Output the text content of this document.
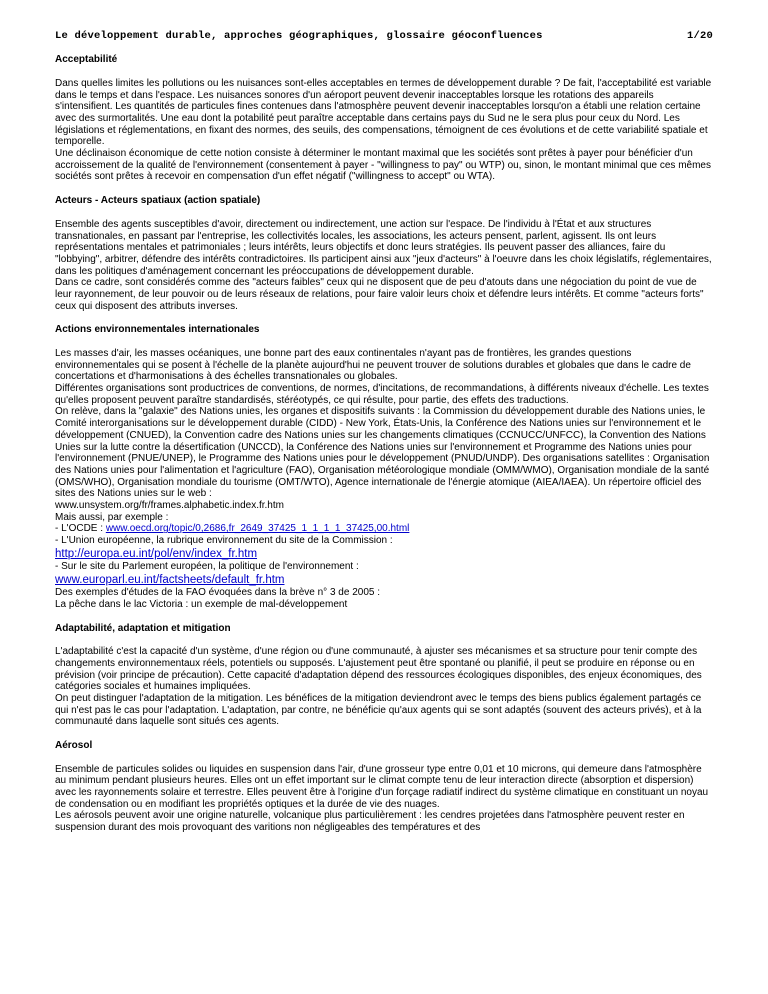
Le développement durable, approches géographiques, glossaire géoconfluences	1/20
Acceptabilité

Dans quelles limites les pollutions ou les nuisances sont-elles acceptables en termes de développement durable ? De fait, l'acceptabilité est variable dans le temps et dans l'espace. Les nuisances sonores d'un aéroport peuvent devenir inacceptables lorsque les rotations des appareils s'intensifient. Les quantités de particules fines contenues dans l'atmosphère peuvent devenir inacceptables lorsqu'on a établi une relation certaine avec des surmortalités. Une eau dont la potabilité peut paraître acceptable dans certains pays du Sud ne le sera plus pour ceux du Nord. Les législations et réglementations, en fixant des normes, des seuils, des compensations, témoignent de ces évolutions et de cette variabilité spatiale et temporelle.

Une déclinaison économique de cette notion consiste à déterminer le montant maximal que les sociétés sont prêtes à payer pour bénéficier d'un accroissement de la qualité de l'environnement (consentement à payer - "willingness to pay" ou WTP) ou, sinon, le montant minimal que ces mêmes sociétés sont prêtes à recevoir en compensation d'un effet négatif ("willingness to accept" ou WTA).

Acteurs - Acteurs spatiaux (action spatiale)

Ensemble des agents susceptibles d'avoir, directement ou indirectement, une action sur l'espace. De l'individu à l'État et aux structures transnationales, en passant par l'entreprise, les collectivités locales, les associations, les acteurs pensent, parlent, agissent. Ils ont leurs représentations mentales et patrimoniales ; leurs intérêts, leurs objectifs et donc leurs stratégies. Ils peuvent passer des alliances, faire du "lobbying", arbitrer, défendre des intérêts contradictoires. Ils participent ainsi aux "jeux d'acteurs" à l'oeuvre dans les choix législatifs, réglementaires, dans les politiques d'aménagement concernant les préoccupations de développement durable.

Dans ce cadre, sont considérés comme des "acteurs faibles" ceux qui ne disposent que de peu d'atouts dans une négociation du point de vue de leur rayonnement, de leur pouvoir ou de leurs réseaux de relations, pour faire valoir leurs choix et défendre leurs intérêts. Et comme "acteurs forts" ceux qui disposent des attributs inverses.

Actions environnementales internationales

Les masses d'air, les masses océaniques, une bonne part des eaux continentales n'ayant pas de frontières, les grandes questions environnementales qui se posent à l'échelle de la planète aujourd'hui ne peuvent trouver de solutions durables et globales que dans le cadre de concertations et d'harmonisations à des échelles transnationales ou globales.

Différentes organisations sont productrices de conventions, de normes, d'incitations, de recommandations, à différents niveaux d'échelle. Les textes qu'elles proposent peuvent paraître standardisés, stéréotypés, ce qui résulte, pour partie, des effets des traductions.

On relève, dans la "galaxie" des Nations unies, les organes et dispositifs suivants : la Commission du développement durable des Nations unies, le Comité interorganisations sur le développement durable (CIDD) - New York, États-Unis, la Conférence des Nations unies sur l'environnement et le développement (CNUED), la Convention cadre des Nations unies sur les changements climatiques (CCNUCC/UNFCC), la Convention des Nations Unies sur la lutte contre la désertification (UNCCD), la Conférence des Nations unies sur l'environnement et Programme des Nations unies pour l'environnement (PNUE/UNEP), le Programme des Nations unies pour le développement (PNUD/UNDP). Des organisations satellites : Organisation des Nations unies pour l'alimentation et l'agriculture (FAO), Organisation météorologique mondiale (OMM/WMO), Organisation mondiale de la santé (OMS/WHO), Organisation mondiale du tourisme (OMT/WTO), Agence internationale de l'énergie atomique (AIEA/IAEA). Un répertoire officiel des sites des Nations unies sur le web :

www.unsystem.org/fr/frames.alphabetic.index.fr.htm

Mais aussi, par exemple :

- L'OCDE : www.oecd.org/topic/0,2686,fr_2649_37425_1_1_1_1_37425,00.html

- L'Union européenne, la rubrique environnement du site de la Commission :

http://europa.eu.int/pol/env/index_fr.htm

- Sur le site du Parlement européen, la politique de l'environnement :

www.europarl.eu.int/factsheets/default_fr.htm

Des exemples d'études de la FAO évoquées dans la brève n° 3 de 2005 :

La pêche dans le lac Victoria : un exemple de mal-développement

Adaptabilité, adaptation et mitigation

L'adaptabilité c'est la capacité d'un système, d'une région ou d'une communauté, à ajuster ses mécanismes et sa structure pour tenir compte des changements environnementaux réels, potentiels ou supposés. L'ajustement peut être spontané ou planifié, il peut se produire en réponse ou en prévision (voir principe de précaution). Cette capacité d'adaptation dépend des ressources écologiques disponibles, des enjeux économiques, des catégories sociales et humaines impliquées.

On peut distinguer l'adaptation de la mitigation. Les bénéfices de la mitigation deviendront avec le temps des biens publics également partagés ce qui n'est pas le cas pour l'adaptation. L'adaptation, par contre, ne bénéficie qu'aux agents qui se sont adaptés (souvent des acteurs privés), et à la communauté dans laquelle sont situés ces agents.

Aérosol

Ensemble de particules solides ou liquides en suspension dans l'air, d'une grosseur type entre 0,01 et 10 microns, qui demeure dans l'atmosphère au minimum pendant plusieurs heures. Elles ont un effet important sur le climat compte tenu de leur interaction directe (absorption et dispersion) avec les rayonnements solaire et terrestre. Elles peuvent être à l'origine d'un forçage radiatif indirect du système climatique en constituant un noyau de condensation ou en modifiant les propriétés optiques et la durée de vie des nuages.

Les aérosols peuvent avoir une origine naturelle, volcanique plus particulièrement : les cendres projetées dans l'atmosphère peuvent rester en suspension durant des mois provoquant des varitions non négligeables des températures et des
